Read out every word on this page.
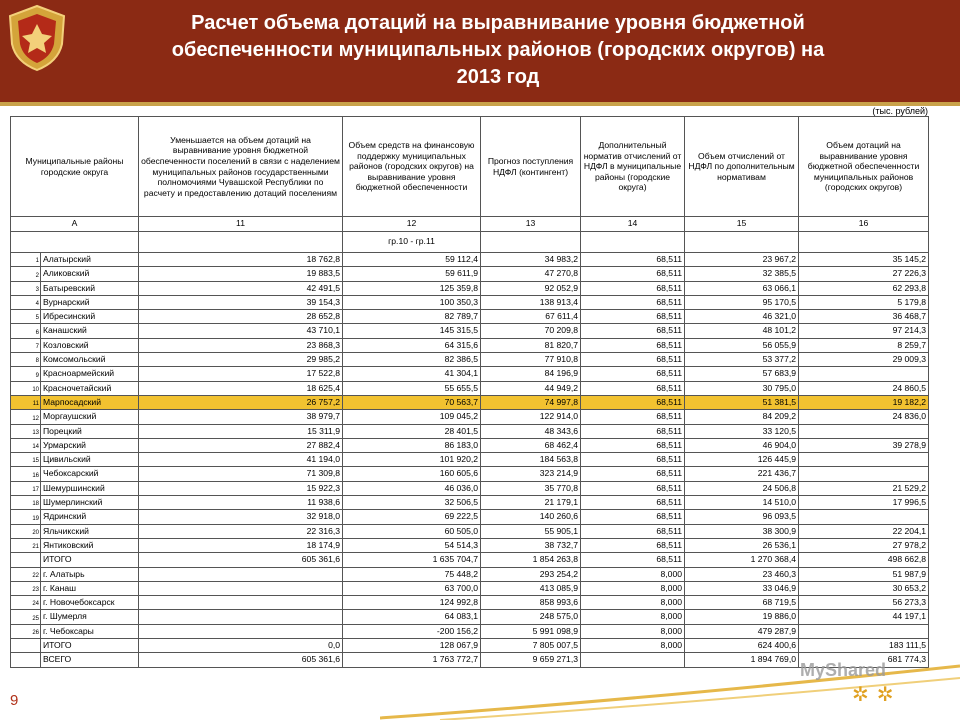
Расчет объема дотаций на выравнивание уровня бюджетной
обеспеченности муниципальных районов (городских округов) на
2013 год
(тыс. рублей)
Муниципальные районы городские округа		Уменьшается на объем дотаций на выравнивание уровня бюджетной обеспеченности поселений в связи с наделением муниципальных районов государственными полномочиями Чувашской Республики по расчету и предоставлению дотаций поселениям	Объем средств на финансовую поддержку муниципальных районов (городских округов) на выравнивание уровня бюджетной обеспеченности	Прогноз поступления НДФЛ (контингент)	Дополнительный норматив отчислений от НДФЛ в муниципальные районы (городские округа)	Объем отчислений от НДФЛ по дополнительным нормативам	Объем дотаций на выравнивание уровня бюджетной обеспеченности муниципальных районов (городских округов)
А		11	12	13	14	15	16
			гр.10 - гр.11				
1	Алатырский	18 762,8	59 112,4	34 983,2	68,511	23 967,2	35 145,2
2	Аликовский	19 883,5	59 611,9	47 270,8	68,511	32 385,5	27 226,3
3	Батыревский	42 491,5	125 359,8	92 052,9	68,511	63 066,1	62 293,8
4	Вурнарский	39 154,3	100 350,3	138 913,4	68,511	95 170,5	5 179,8
5	Ибресинский	28 652,8	82 789,7	67 611,4	68,511	46 321,0	36 468,7
6	Канашский	43 710,1	145 315,5	70 209,8	68,511	48 101,2	97 214,3
7	Козловский	23 868,3	64 315,6	81 820,7	68,511	56 055,9	8 259,7
8	Комсомольский	29 985,2	82 386,5	77 910,8	68,511	53 377,2	29 009,3
9	Красноармейский	17 522,8	41 304,1	84 196,9	68,511	57 683,9	
10	Красночетайский	18 625,4	55 655,5	44 949,2	68,511	30 795,0	24 860,5
11	Марпосадский	26 757,2	70 563,7	74 997,8	68,511	51 381,5	19 182,2
12	Моргаушский	38 979,7	109 045,2	122 914,0	68,511	84 209,2	24 836,0
13	Порецкий	15 311,9	28 401,5	48 343,6	68,511	33 120,5	
14	Урмарский	27 882,4	86 183,0	68 462,4	68,511	46 904,0	39 278,9
15	Цивильский	41 194,0	101 920,2	184 563,8	68,511	126 445,9	
16	Чебоксарский	71 309,8	160 605,6	323 214,9	68,511	221 436,7	
17	Шемуршинский	15 922,3	46 036,0	35 770,8	68,511	24 506,8	21 529,2
18	Шумерлинский	11 938,6	32 506,5	21 179,1	68,511	14 510,0	17 996,5
19	Ядринский	32 918,0	69 222,5	140 260,6	68,511	96 093,5	
20	Яльчикский	22 316,3	60 505,0	55 905,1	68,511	38 300,9	22 204,1
21	Янтиковский	18 174,9	54 514,3	38 732,7	68,511	26 536,1	27 978,2
	ИТОГО	605 361,6	1 635 704,7	1 854 263,8	68,511	1 270 368,4	498 662,8
22	г. Алатырь		75 448,2	293 254,2	8,000	23 460,3	51 987,9
23	г. Канаш		63 700,0	413 085,9	8,000	33 046,9	30 653,2
24	г. Новочебоксарск		124 992,8	858 993,6	8,000	68 719,5	56 273,3
25	г. Шумерля		64 083,1	248 575,0	8,000	19 886,0	44 197,1
26	г. Чебоксары		-200 156,2	5 991 098,9	8,000	479 287,9	
	ИТОГО	0,0	128 067,9	7 805 007,5	8,000	624 400,6	183 111,5
	ВСЕГО	605 361,6	1 763 772,7	9 659 271,3		1 894 769,0	681 774,3
MyShared
✲✲
9
